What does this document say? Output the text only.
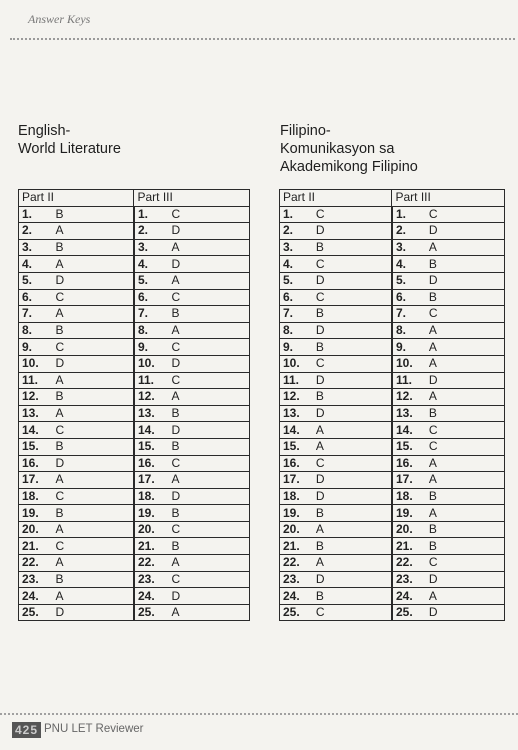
Answer Keys
English-
World Literature
Filipino-
Komunikasyon sa
Akademikong Filipino
Part II		Part III	
1.	B	1.	C
2.	A	2.	D
3.	B	3.	A
4.	A	4.	D
5.	D	5.	A
6.	C	6.	C
7.	A	7.	B
8.	B	8.	A
9.	C	9.	C
10.	D	10.	D
11.	A	11.	C
12.	B	12.	A
13.	A	13.	B
14.	C	14.	D
15.	B	15.	B
16.	D	16.	C
17.	A	17.	A
18.	C	18.	D
19.	B	19.	B
20.	A	20.	C
21.	C	21.	B
22.	A	22.	A
23.	B	23.	C
24.	A	24.	D
25.	D	25.	A
Part II		Part III	
1.	C	1.	C
2.	D	2.	D
3.	B	3.	A
4.	C	4.	B
5.	D	5.	D
6.	C	6.	B
7.	B	7.	C
8.	D	8.	A
9.	B	9.	A
10.	C	10.	A
11.	D	11.	D
12.	B	12.	A
13.	D	13.	B
14.	A	14.	C
15.	A	15.	C
16.	C	16.	A
17.	D	17.	A
18.	D	18.	B
19.	B	19.	A
20.	A	20.	B
21.	B	21.	B
22.	A	22.	C
23.	D	23.	D
24.	B	24.	A
25.	C	25.	D
425 PNU LET Reviewer
